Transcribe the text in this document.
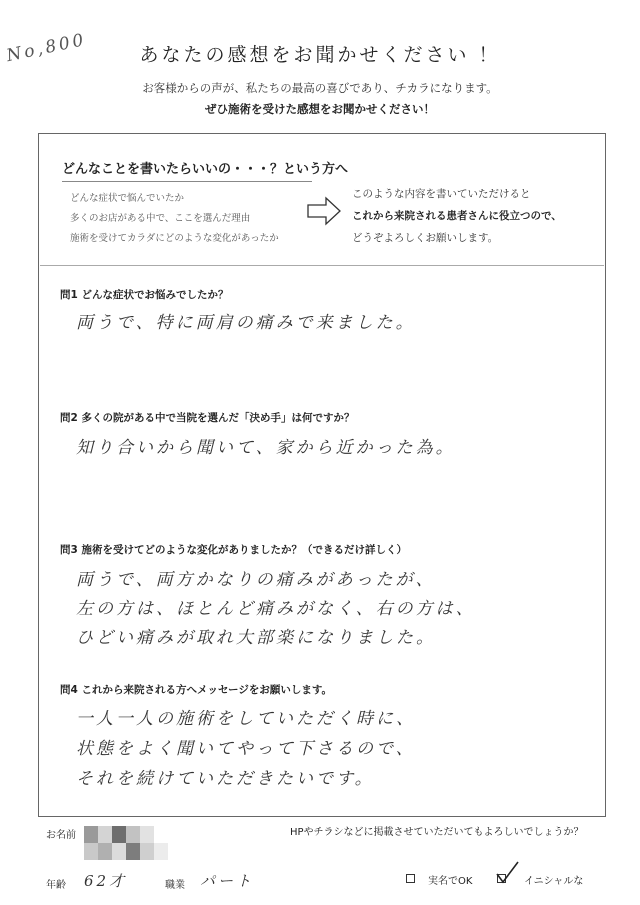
No,800	あなたの感想をお聞かせください ！
お客様からの声が、私たちの最高の喜びであり、チカラになります。
ぜひ施術を受けた感想をお聞かせください！
どんなことを書いたらいいの・・・？という方へ
どんな症状で悩んでいたか
多くのお店がある中で、ここを選んだ理由
施術を受けてカラダにどのような変化があったか
このような内容を書いていただけると
これから来院される患者さんに役立つので、
どうぞよろしくお願いします。
問1 どんな症状でお悩みでしたか？
両うで、特に両肩の痛みで来ました。
問2 多くの院がある中で当院を選んだ「決め手」は何ですか？
知り合いから聞いて、家から近かった為。
問3 施術を受けてどのような変化がありましたか？（できるだけ詳しく）
両うで、両方かなりの痛みがあったが、
左の方は、ほとんど痛みがなく、右の方は、
ひどい痛みが取れ大部楽になりました。
問4 これから来院される方へメッセージをお願いします。
一人一人の施術をしていただく時に、
状態をよく聞いてやって下さるので、
それを続けていただきたいです。
お名前	HPやチラシなどに掲載させていただいてもよろしいでしょうか？
年齢 62才	職業 パート	実名でOK	イニシャルな
